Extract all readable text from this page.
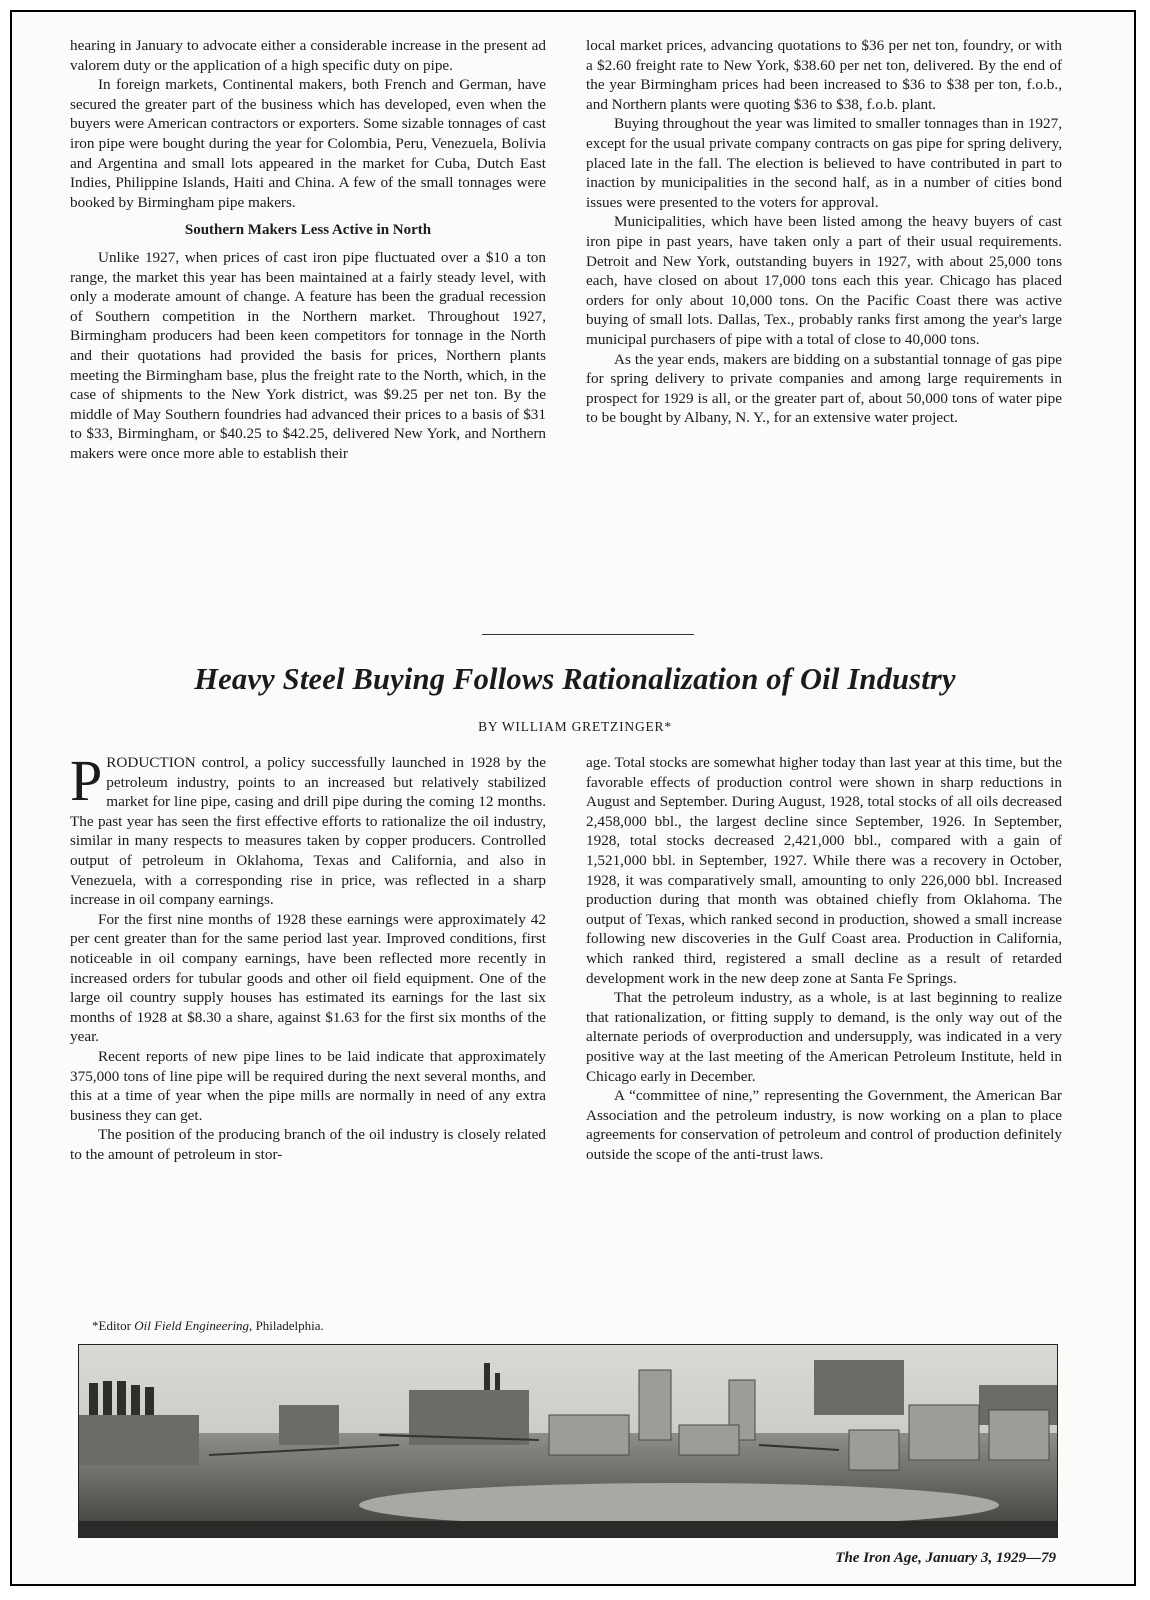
hearing in January to advocate either a considerable increase in the present ad valorem duty or the application of a high specific duty on pipe.

In foreign markets, Continental makers, both French and German, have secured the greater part of the business which has developed, even when the buyers were American contractors or exporters. Some sizable tonnages of cast iron pipe were bought during the year for Colombia, Peru, Venezuela, Bolivia and Argentina and small lots appeared in the market for Cuba, Dutch East Indies, Philippine Islands, Haiti and China. A few of the small tonnages were booked by Birmingham pipe makers.

Southern Makers Less Active in North

Unlike 1927, when prices of cast iron pipe fluctuated over a $10 a ton range, the market this year has been maintained at a fairly steady level, with only a moderate amount of change. A feature has been the gradual recession of Southern competition in the Northern market. Throughout 1927, Birmingham producers had been keen competitors for tonnage in the North and their quotations had provided the basis for prices, Northern plants meeting the Birmingham base, plus the freight rate to the North, which, in the case of shipments to the New York district, was $9.25 per net ton. By the middle of May Southern foundries had advanced their prices to a basis of $31 to $33, Birmingham, or $40.25 to $42.25, delivered New York, and Northern makers were once more able to establish their

local market prices, advancing quotations to $36 per net ton, foundry, or with a $2.60 freight rate to New York, $38.60 per net ton, delivered. By the end of the year Birmingham prices had been increased to $36 to $38 per ton, f.o.b., and Northern plants were quoting $36 to $38, f.o.b. plant.

Buying throughout the year was limited to smaller tonnages than in 1927, except for the usual private company contracts on gas pipe for spring delivery, placed late in the fall. The election is believed to have contributed in part to inaction by municipalities in the second half, as in a number of cities bond issues were presented to the voters for approval.

Municipalities, which have been listed among the heavy buyers of cast iron pipe in past years, have taken only a part of their usual requirements. Detroit and New York, outstanding buyers in 1927, with about 25,000 tons each, have closed on about 17,000 tons each this year. Chicago has placed orders for only about 10,000 tons. On the Pacific Coast there was active buying of small lots. Dallas, Tex., probably ranks first among the year's large municipal purchasers of pipe with a total of close to 40,000 tons.

As the year ends, makers are bidding on a substantial tonnage of gas pipe for spring delivery to private companies and among large requirements in prospect for 1929 is all, or the greater part of, about 50,000 tons of water pipe to be bought by Albany, N. Y., for an extensive water project.

Heavy Steel Buying Follows Rationalization of Oil Industry
BY WILLIAM GRETZINGER*

PRODUCTION control, a policy successfully launched in 1928 by the petroleum industry, points to an increased but relatively stabilized market for line pipe, casing and drill pipe during the coming 12 months. The past year has seen the first effective efforts to rationalize the oil industry, similar in many respects to measures taken by copper producers. Controlled output of petroleum in Oklahoma, Texas and California, and also in Venezuela, with a corresponding rise in price, was reflected in a sharp increase in oil company earnings.

For the first nine months of 1928 these earnings were approximately 42 per cent greater than for the same period last year. Improved conditions, first noticeable in oil company earnings, have been reflected more recently in increased orders for tubular goods and other oil field equipment. One of the large oil country supply houses has estimated its earnings for the last six months of 1928 at $8.30 a share, against $1.63 for the first six months of the year.

Recent reports of new pipe lines to be laid indicate that approximately 375,000 tons of line pipe will be required during the next several months, and this at a time of year when the pipe mills are normally in need of any extra business they can get.

The position of the producing branch of the oil industry is closely related to the amount of petroleum in stor-

age. Total stocks are somewhat higher today than last year at this time, but the favorable effects of production control were shown in sharp reductions in August and September. During August, 1928, total stocks of all oils decreased 2,458,000 bbl., the largest decline since September, 1926. In September, 1928, total stocks decreased 2,421,000 bbl., compared with a gain of 1,521,000 bbl. in September, 1927. While there was a recovery in October, 1928, it was comparatively small, amounting to only 226,000 bbl. Increased production during that month was obtained chiefly from Oklahoma. The output of Texas, which ranked second in production, showed a small increase following new discoveries in the Gulf Coast area. Production in California, which ranked third, registered a small decline as a result of retarded development work in the new deep zone at Santa Fe Springs.

That the petroleum industry, as a whole, is at last beginning to realize that rationalization, or fitting supply to demand, is the only way out of the alternate periods of overproduction and undersupply, was indicated in a very positive way at the last meeting of the American Petroleum Institute, held in Chicago early in December.

A “committee of nine,” representing the Government, the American Bar Association and the petroleum industry, is now working on a plan to place agreements for conservation of petroleum and control of production definitely outside the scope of the anti-trust laws.

*Editor Oil Field Engineering, Philadelphia.
The Iron Age, January 3, 1929—79
